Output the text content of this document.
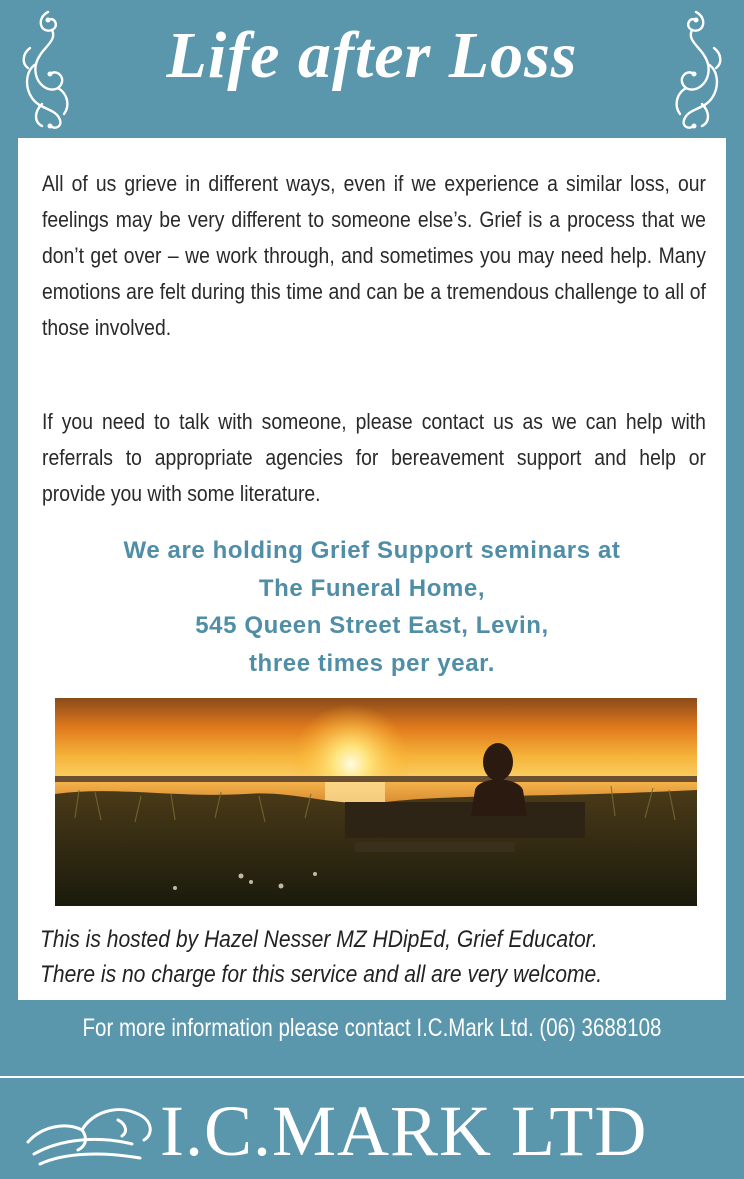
Life after Loss

All of us grieve in different ways, even if we experience a similar loss, our feelings may be very different to someone else’s. Grief is a process that we don’t get over – we work through, and sometimes you may need help. Many emotions are felt during this time and can be a tremendous challenge to all of those involved.

If you need to talk with someone, please contact us as we can help with referrals to appropriate agencies for bereavement support and help or provide you with some literature.

We are holding Grief Support seminars at
The Funeral Home,
545 Queen Street East, Levin,
three times per year.
This is hosted by Hazel Nesser MZ HDipEd, Grief Educator.
There is no charge for this service and all are very welcome.
For more information please contact I.C.Mark Ltd. (06) 3688108
I.C.MARK LTD
